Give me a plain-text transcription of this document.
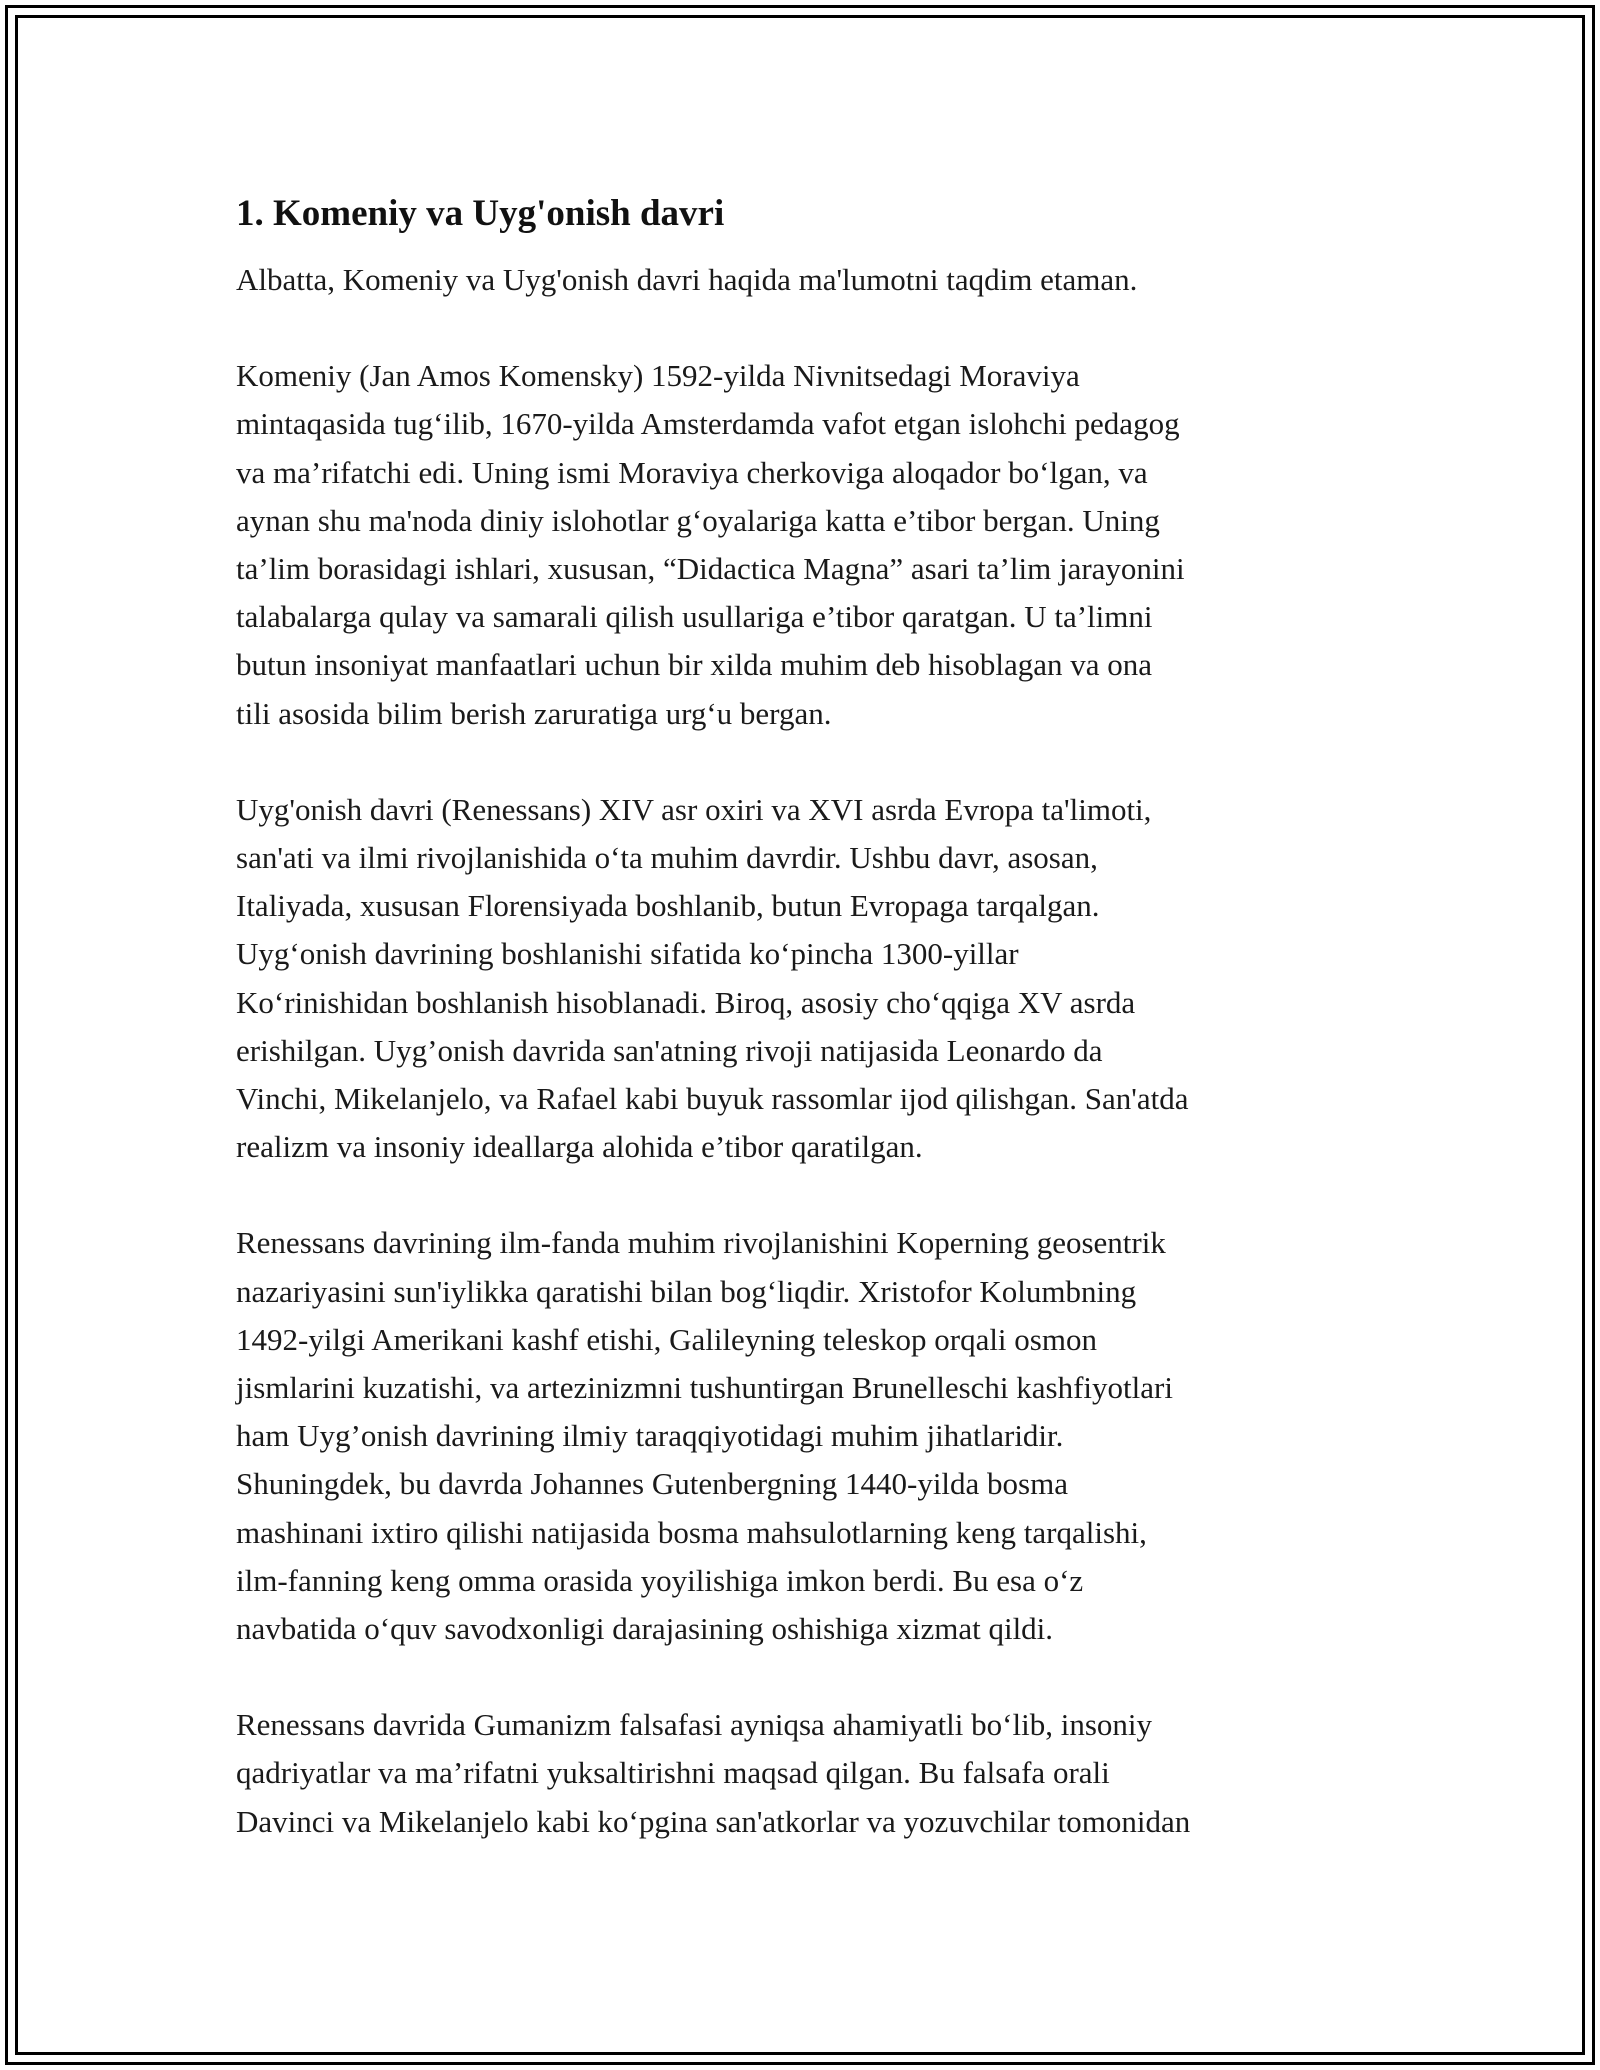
1. Komeniy va Uyg'onish davri

Albatta, Komeniy va Uyg'onish davri haqida ma'lumotni taqdim etaman.

Komeniy (Jan Amos Komensky) 1592-yilda Nivnitsedagi Moraviya
mintaqasida tug‘ilib, 1670-yilda Amsterdamda vafot etgan islohchi pedagog
va ma’rifatchi edi. Uning ismi Moraviya cherkoviga aloqador bo‘lgan, va
aynan shu ma'noda diniy islohotlar g‘oyalariga katta e’tibor bergan. Uning
ta’lim borasidagi ishlari, xususan, “Didactica Magna” asari ta’lim jarayonini
talabalarga qulay va samarali qilish usullariga e’tibor qaratgan. U ta’limni
butun insoniyat manfaatlari uchun bir xilda muhim deb hisoblagan va ona
tili asosida bilim berish zaruratiga urg‘u bergan.

Uyg'onish davri (Renessans) XIV asr oxiri va XVI asrda Evropa ta'limoti,
san'ati va ilmi rivojlanishida o‘ta muhim davrdir. Ushbu davr, asosan,
Italiyada, xususan Florensiyada boshlanib, butun Evropaga tarqalgan.
Uyg‘onish davrining boshlanishi sifatida ko‘pincha 1300-yillar
Ko‘rinishidan boshlanish hisoblanadi. Biroq, asosiy cho‘qqiga XV asrda
erishilgan. Uyg’onish davrida san'atning rivoji natijasida Leonardo da
Vinchi, Mikelanjelo, va Rafael kabi buyuk rassomlar ijod qilishgan. San'atda
realizm va insoniy ideallarga alohida e’tibor qaratilgan.

Renessans davrining ilm-fanda muhim rivojlanishini Koperning geosentrik
nazariyasini sun'iylikka qaratishi bilan bog‘liqdir. Xristofor Kolumbning
1492-yilgi Amerikani kashf etishi, Galileyning teleskop orqali osmon
jismlarini kuzatishi, va artezinizmni tushuntirgan Brunelleschi kashfiyotlari
ham Uyg’onish davrining ilmiy taraqqiyotidagi muhim jihatlaridir.
Shuningdek, bu davrda Johannes Gutenbergning 1440-yilda bosma
mashinani ixtiro qilishi natijasida bosma mahsulotlarning keng tarqalishi,
ilm-fanning keng omma orasida yoyilishiga imkon berdi. Bu esa o‘z
navbatida o‘quv savodxonligi darajasining oshishiga xizmat qildi.

Renessans davrida Gumanizm falsafasi ayniqsa ahamiyatli bo‘lib, insoniy
qadriyatlar va ma’rifatni yuksaltirishni maqsad qilgan. Bu falsafa orali
Davinci va Mikelanjelo kabi ko‘pgina san'atkorlar va yozuvchilar tomonidan
